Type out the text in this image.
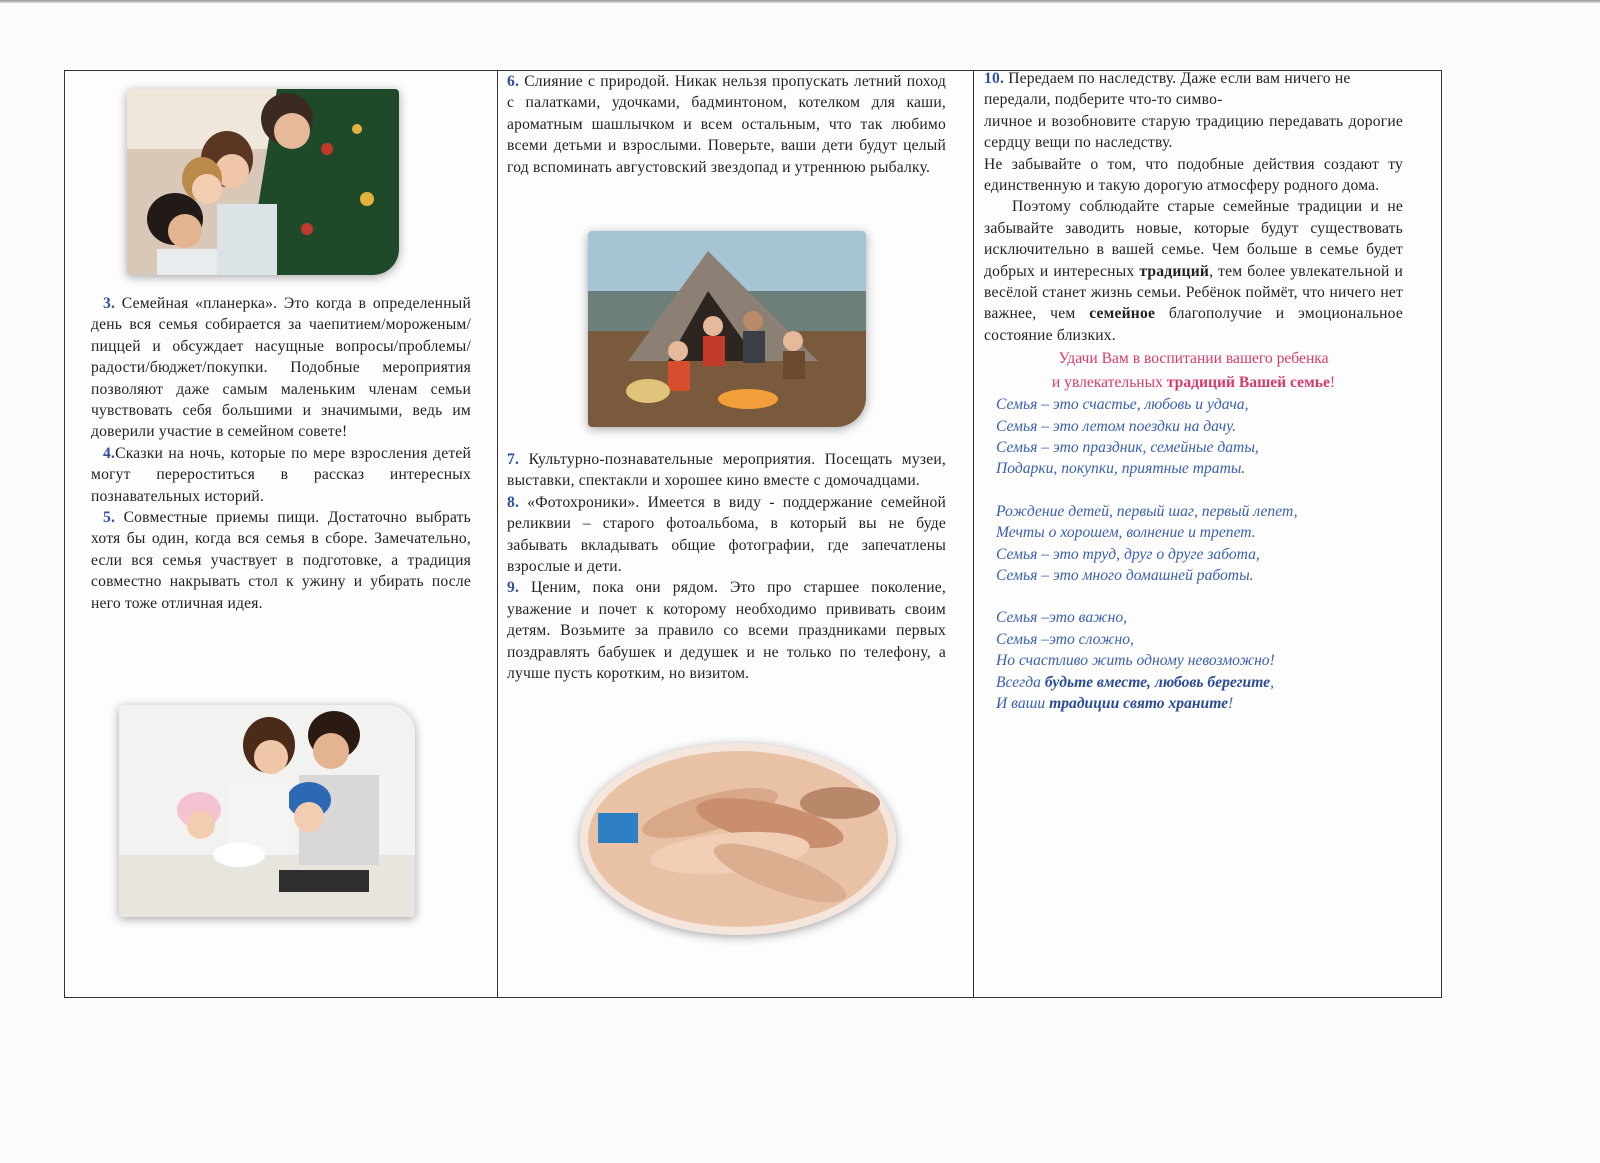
3. Семейная «планерка». Это когда в определенный день вся семья собирается за чаепитием/мороженым/пиццей и обсуждает насущные вопросы/проблемы/радости/бюджет/покупки. Подобные мероприятия позволяют даже самым маленьким членам семьи чувствовать себя большими и значимыми, ведь им доверили участие в семейном совете!

4.Сказки на ночь, которые по мере взросления детей могут перероститься в рассказ интересных познавательных историй.

5. Совместные приемы пищи. Достаточно выбрать хотя бы один, когда вся семья в сборе. Замечательно, если вся семья участвует в подготовке, а традиция совместно накрывать стол к ужину и убирать после него тоже отличная идея.

6. Слияние с природой. Никак нельзя пропускать летний поход с палатками, удочками, бадминтоном, котелком для каши, ароматным шашлычком и всем остальным, что так любимо всеми детьми и взрослыми. Поверьте, ваши дети будут целый год вспоминать августовский звездопад и утреннюю рыбалку.

7. Культурно-познавательные мероприятия. Посещать музеи, выставки, спектакли и хорошее кино вместе с домочадцами.

8. «Фотохроники». Имеется в виду - поддержание семейной реликвии – старого фотоальбома, в который вы не буде забывать вкладывать общие фотографии, где запечатлены взрослые и дети.

9. Ценим, пока они рядом. Это про старшее поколение, уважение и почет к которому необходимо прививать своим детям. Возьмите за правило со всеми праздниками первых поздравлять бабушек и дедушек и не только по телефону, а лучше пусть коротким, но визитом.

10. Передаем по наследству. Даже если вам ничего не передали, подберите что-то симво-

личное и возобновите старую традицию передавать дорогие сердцу вещи по наследству.

Не забывайте о том, что подобные действия создают ту единственную и такую дорогую атмосферу родного дома.

Поэтому соблюдайте старые семейные традиции и не забывайте заводить новые, которые будут существовать исключительно в вашей семье. Чем больше в семье будет добрых и интересных традиций, тем более увлекательной и весёлой станет жизнь семьи. Ребёнок поймёт, что ничего нет важнее, чем семейное благополучие и эмоциональное состояние близких.

Удачи Вам в воспитании вашего ребенка
и увлекательных традиций Вашей семье!
Семья – это счастье, любовь и удача,
Семья – это летом поездки на дачу.
Семья – это праздник, семейные даты,
Подарки, покупки, приятные траты.
Рождение детей, первый шаг, первый лепет,
Мечты о хорошем, волнение и трепет.
Семья – это труд, друг о друге забота,
Семья – это много домашней работы.
Семья –это важно,
Семья –это сложно,
Но счастливо жить одному невозможно!
Всегда будьте вместе, любовь берегите,
И ваши традиции свято храните!
